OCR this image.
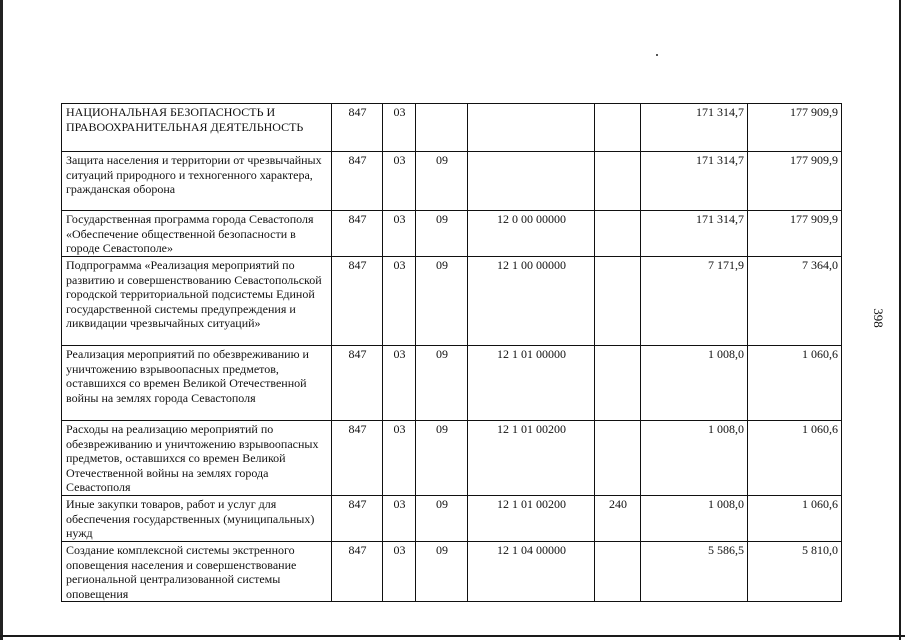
НАЦИОНАЛЬНАЯ БЕЗОПАСНОСТЬ И ПРАВООХРАНИТЕЛЬНАЯ ДЕЯТЕЛЬНОСТЬ	847	03				171 314,7	177 909,9
Защита населения и территории от чрезвычайных ситуаций природного и техногенного характера, гражданская оборона	847	03	09			171 314,7	177 909,9
Государственная программа города Севастополя «Обеспечение общественной безопасности в городе Севастополе»	847	03	09	12 0 00 00000		171 314,7	177 909,9
Подпрограмма «Реализация мероприятий по развитию и совершенствованию Севастопольской городской территориальной подсистемы Единой государственной системы предупреждения и ликвидации чрезвычайных ситуаций»	847	03	09	12 1 00 00000		7 171,9	7 364,0
Реализация мероприятий по обезвреживанию и уничтожению взрывоопасных предметов, оставшихся со времен Великой Отечественной войны на землях города Севастополя	847	03	09	12 1 01 00000		1 008,0	1 060,6
Расходы на реализацию мероприятий по обезвреживанию и уничтожению взрывоопасных предметов, оставшихся со времен Великой Отечественной войны на землях города Севастополя	847	03	09	12 1 01 00200		1 008,0	1 060,6
Иные закупки товаров, работ и услуг для обеспечения государственных (муниципальных) нужд	847	03	09	12 1 01 00200	240	1 008,0	1 060,6
Создание комплексной системы экстренного оповещения населения и совершенствование региональной централизованной системы оповещения	847	03	09	12 1 04 00000		5 586,5	5 810,0
398
